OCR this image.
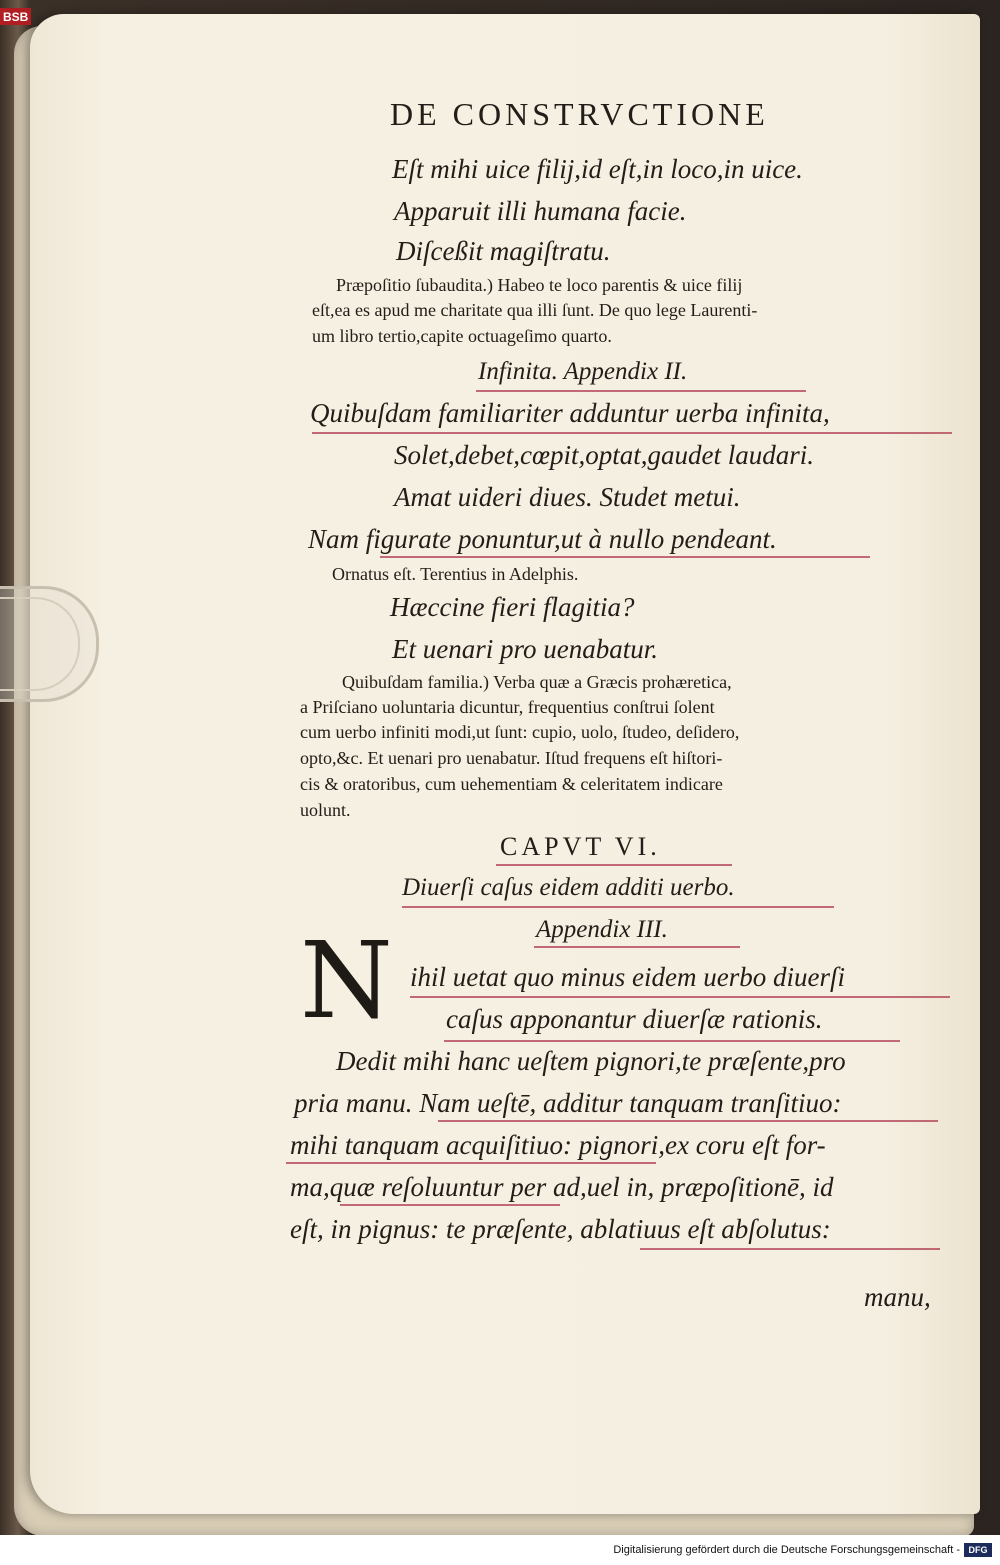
BSB
DE CONSTRVCTIONE
Eſt mihi uice filij,id eſt,in loco,in uice.
Apparuit illi humana facie.
Diſceßit magiſtratu.
Præpoſitio ſubaudita.) Habeo te loco parentis & uice filij
eſt,ea es apud me charitate qua illi ſunt. De quo lege Laurenti-
um libro tertio,capite octuageſimo quarto.
Infinita. Appendix II.
Quibuſdam familiariter adduntur uerba infinita,
Solet,debet,cœpit,optat,gaudet laudari.
Amat uideri diues. Studet metui.
Nam figurate ponuntur,ut à nullo pendeant.
Ornatus eſt. Terentius in Adelphis.
Hæccine fieri flagitia?
Et uenari pro uenabatur.
Quibuſdam familia.) Verba quæ a Græcis prohæretica,
a Priſciano uoluntaria dicuntur, frequentius conſtrui ſolent
cum uerbo infiniti modi,ut ſunt: cupio, uolo, ſtudeo, deſidero,
opto,&c. Et uenari pro uenabatur. Iſtud frequens eſt hiſtori-
cis & oratoribus, cum uehementiam & celeritatem indicare
uolunt.
CAPVT VI.
Diuerſi caſus eidem additi uerbo.
Appendix III.
N ihil uetat quo minus eidem uerbo diuerſi
caſus apponantur diuerſæ rationis.
Dedit mihi hanc ueſtem pignori,te præſente,pro
pria manu. Nam ueſtē, additur tanquam tranſitiuo:
mihi tanquam acquiſitiuo: pignori,ex coru eſt for-
ma,quæ reſoluuntur per ad,uel in, præpoſitionē, id
eſt, in pignus: te præſente, ablatiuus eſt abſolutus:
manu,
Digitalisierung gefördert durch die Deutsche Forschungsgemeinschaft - DFG
